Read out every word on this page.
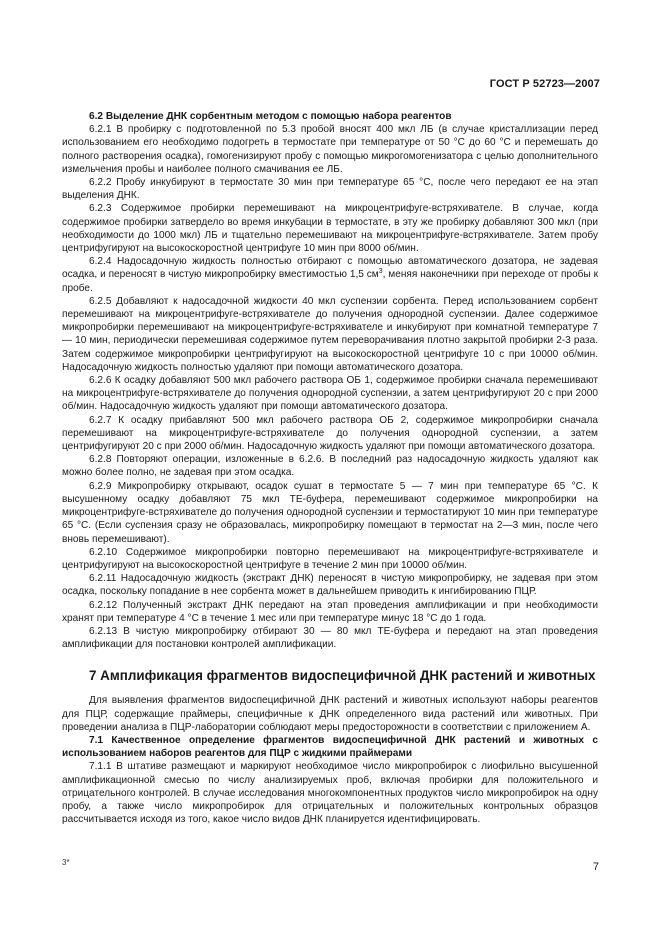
ГОСТ Р 52723—2007

6.2 Выделение ДНК сорбентным методом с помощью набора реагентов

6.2.1 В пробирку с подготовленной по 5.3 пробой вносят 400 мкл ЛБ (в случае кристаллизации перед использованием его необходимо подогреть в термостате при температуре от 50 °С до 60 °С и перемешать до полного растворения осадка), гомогенизируют пробу с помощью микрогомогенизатора с целью дополнительного измельчения пробы и наиболее полного смачивания ее ЛБ.

6.2.2 Пробу инкубируют в термостате 30 мин при температуре 65 °С, после чего передают ее на этап выделения ДНК.

6.2.3 Содержимое пробирки перемешивают на микроцентрифуге-встряхивателе. В случае, когда содержимое пробирки затвердело во время инкубации в термостате, в эту же пробирку добавляют 300 мкл (при необходимости до 1000 мкл) ЛБ и тщательно перемешивают на микроцентрифуге-встряхивателе. Затем пробу центрифугируют на высокоскоростной центрифуге 10 мин при 8000 об/мин.

6.2.4 Надосадочную жидкость полностью отбирают с помощью автоматического дозатора, не задевая осадка, и переносят в чистую микропробирку вместимостью 1,5 $см^3$, меняя наконечники при переходе от пробы к пробе.

6.2.5 Добавляют к надосадочной жидкости 40 мкл суспензии сорбента. Перед использованием сорбент перемешивают на микроцентрифуге-встряхивателе до получения однородной суспензии. Далее содержимое микропробирки перемешивают на микроцентрифуге-встряхивателе и инкубируют при комнатной температуре 7— 10 мин, периодически перемешивая содержимое путем переворачивания плотно закрытой пробирки 2-3 раза. Затем содержимое микропробирки центрифугируют на высокоскоростной центрифуге 10 с при 10000 об/мин. Надосадочную жидкость полностью удаляют при помощи автоматического дозатора.

6.2.6 К осадку добавляют 500 мкл рабочего раствора ОБ 1, содержимое пробирки сначала перемешивают на микроцентрифуге-встряхивателе до получения однородной суспензии, а затем центрифугируют 20 с при 2000 об/мин. Надосадочную жидкость удаляют при помощи автоматического дозатора.

6.2.7 К осадку прибавляют 500 мкл рабочего раствора ОБ 2, содержимое микропробирки сначала перемешивают на микроцентрифуге-встряхивателе до получения однородной суспензии, а затем центрифугируют 20 с при 2000 об/мин. Надосадочную жидкость удаляют при помощи автоматического дозатора.

6.2.8 Повторяют операции, изложенные в 6.2.6. В последний раз надосадочную жидкость удаляют как можно более полно, не задевая при этом осадка.

6.2.9 Микропробирку открывают, осадок сушат в термостате 5 — 7 мин при температуре 65 °С. К высушенному осадку добавляют 75 мкл ТЕ-буфера, перемешивают содержимое микропробирки на микроцентрифуге-встряхивателе до получения однородной суспензии и термостатируют 10 мин при температуре 65 °С. (Если суспензия сразу не образовалась, микропробирку помещают в термостат на 2—3 мин, после чего вновь перемешивают).

6.2.10 Содержимое микропробирки повторно перемешивают на микроцентрифуге-встряхивателе и центрифугируют на высокоскоростной центрифуге в течение 2 мин при 10000 об/мин.

6.2.11 Надосадочную жидкость (экстракт ДНК) переносят в чистую микропробирку, не задевая при этом осадка, поскольку попадание в нее сорбента может в дальнейшем приводить к ингибированию ПЦР.

6.2.12 Полученный экстракт ДНК передают на этап проведения амплификации и при необходимости хранят при температуре 4 °С в течение 1 мес или при температуре минус 18 °С до 1 года.

6.2.13 В чистую микропробирку отбирают 30 — 80 мкл ТЕ-буфера и передают на этап проведения амплификации для постановки контролей амплификации.

7 Амплификация фрагментов видоспецифичной ДНК растений и животных

Для выявления фрагментов видоспецифичной ДНК растений и животных используют наборы реагентов для ПЦР, содержащие праймеры, специфичные к ДНК определенного вида растений или животных. При проведении анализа в ПЦР-лаборатории соблюдают меры предосторожности в соответствии с приложением А.

7.1 Качественное определение фрагментов видоспецифичной ДНК растений и животных с использованием наборов реагентов для ПЦР с жидкими праймерами

7.1.1 В штативе размещают и маркируют необходимое число микропробирок с лиофильно высушенной амплификационной смесью по числу анализируемых проб, включая пробирки для положительного и отрицательного контролей. В случае исследования многокомпонентных продуктов число микропробирок на одну пробу, а также число микропробирок для отрицательных и положительных контрольных образцов рассчитывается исходя из того, какое число видов ДНК планируется идентифицировать.

3*	7
